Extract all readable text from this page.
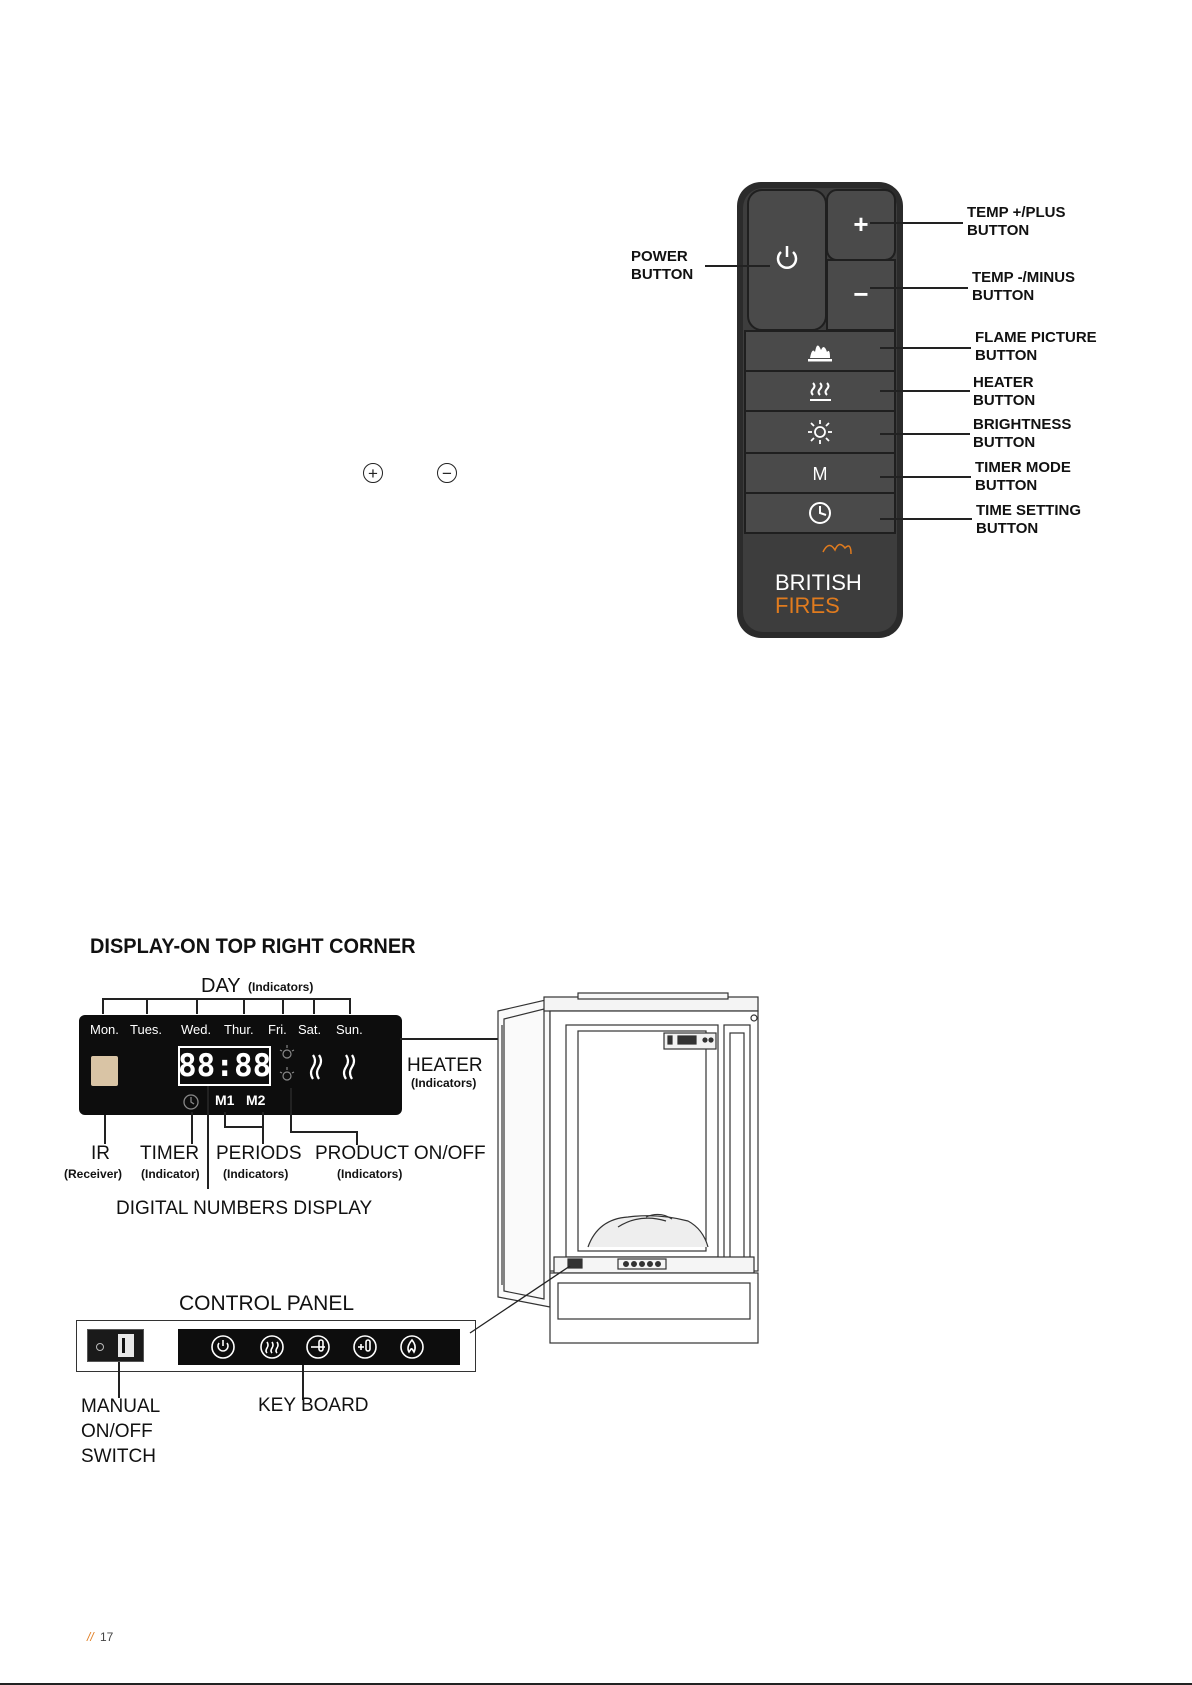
+	−
+
−
M
BRITISH
FIRES
POWER
BUTTON
TEMP +/PLUS
BUTTON
TEMP -/MINUS
BUTTON
FLAME PICTURE
BUTTON
HEATER
BUTTON
BRIGHTNESS
BUTTON
TIMER MODE
BUTTON
TIME SETTING
BUTTON
DISPLAY-ON TOP RIGHT CORNER
DAY (Indicators)
Mon. Tues. Wed. Thur. Fri. Sat. Sun.
88:88
M1 M2
HEATER
(Indicators)
IR
(Receiver)
TIMER
(Indicator)
PERIODS
(Indicators)
PRODUCT ON/OFF
(Indicators)
DIGITAL NUMBERS DISPLAY
CONTROL PANEL
MANUAL
ON/OFF
SWITCH
KEY BOARD
// 17
